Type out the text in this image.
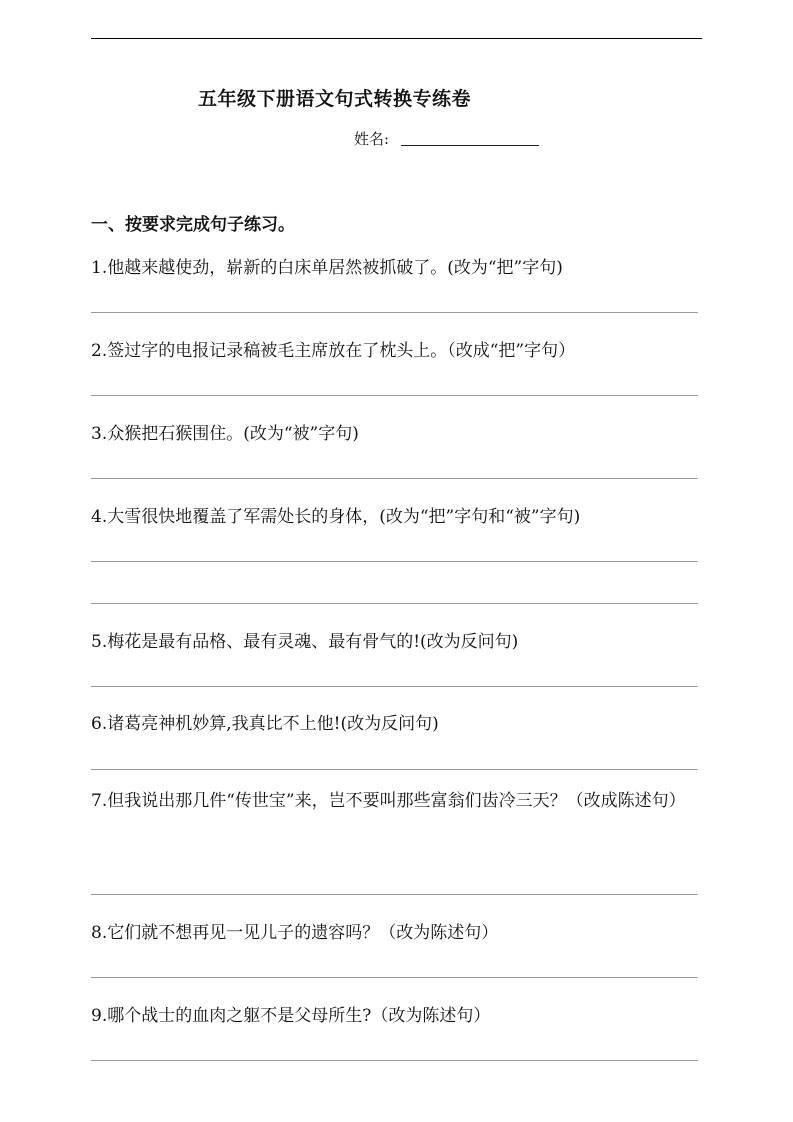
五年级下册语文句式转换专练卷
姓名:
一、按要求完成句子练习。
1.他越来越使劲，崭新的白床单居然被抓破了。(改为“把”字句)
2.签过字的电报记录稿被毛主席放在了枕头上。（改成“把”字句）
3.众猴把石猴围住。(改为“被”字句)
4.大雪很快地覆盖了军需处长的身体，(改为“把”字句和“被”字句)
5.梅花是最有品格、最有灵魂、最有骨气的!(改为反问句)
6.诸葛亮神机妙算,我真比不上他!(改为反问句)
7.但我说出那几件“传世宝”来，岂不要叫那些富翁们齿冷三天？（改成陈述句）
8.它们就不想再见一见儿子的遗容吗？（改为陈述句）
9.哪个战士的血肉之躯不是父母所生?（改为陈述句）
